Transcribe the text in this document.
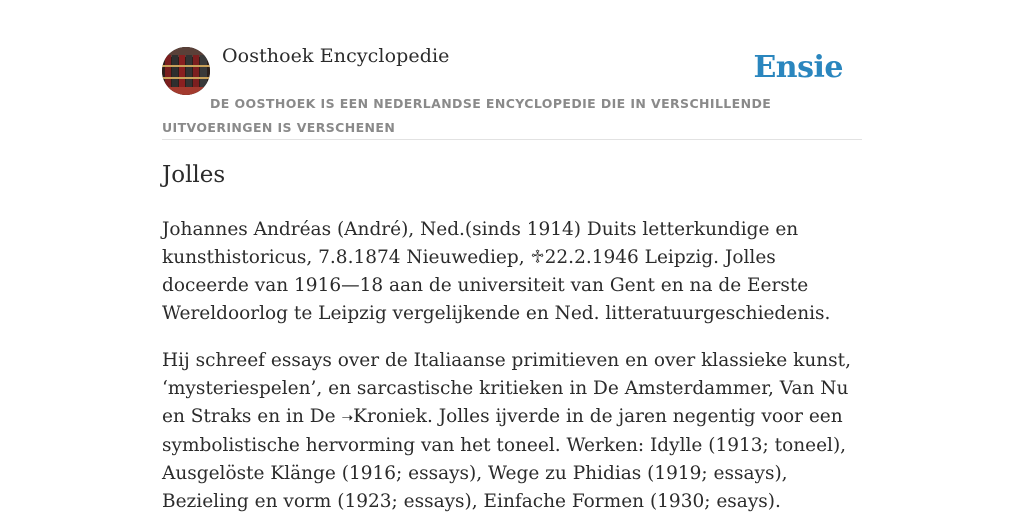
Oosthoek Encyclopedie	Ensie
DE OOSTHOEK IS EEN NEDERLANDSE ENCYCLOPEDIE DIE IN VERSCHILLENDE UITVOERINGEN IS VERSCHENEN
Jolles

Johannes Andréas (André), Ned.(sinds 1914) Duits letterkundige en kunsthistoricus, 7.8.1874 Nieuwediep, ♱22.2.1946 Leipzig. Jolles doceerde van 1916—18 aan de universiteit van Gent en na de Eerste Wereldoorlog te Leipzig vergelijkende en Ned. litteratuurgeschiedenis.

Hij schreef essays over de Italiaanse primitieven en over klassieke kunst, ‘mysteriespelen’, en sarcastische kritieken in De Amsterdammer, Van Nu en Straks en in De ➝Kroniek. Jolles ijverde in de jaren negentig voor een symbolistische hervorming van het toneel. Werken: Idylle (1913; toneel), Ausgelöste Klänge (1916; essays), Wege zu Phidias (1919; essays), Bezieling en vorm (1923; essays), Einfache Formen (1930; esays).
